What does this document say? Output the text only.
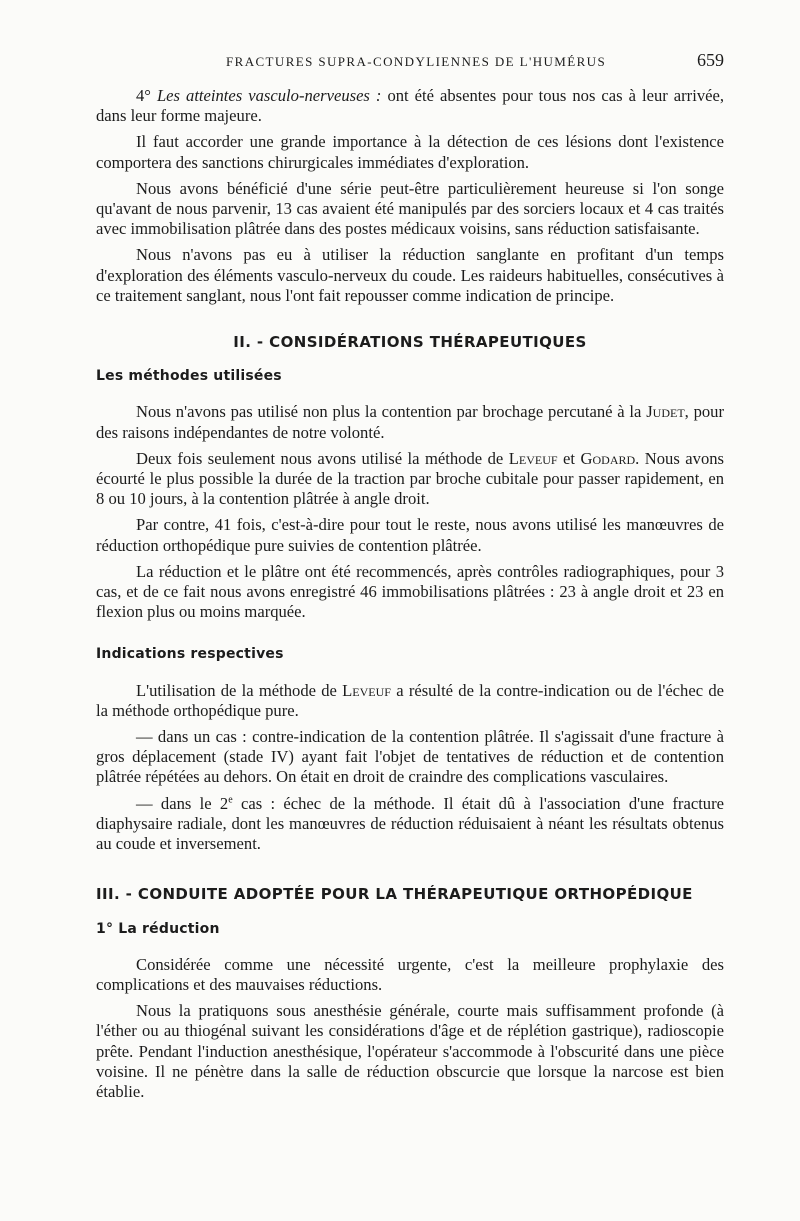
FRACTURES SUPRA-CONDYLIENNES DE L'HUMÉRUS	659

4° Les atteintes vasculo-nerveuses : ont été absentes pour tous nos cas à leur arrivée, dans leur forme majeure.

Il faut accorder une grande importance à la détection de ces lésions dont l'existence comportera des sanctions chirurgicales immédiates d'exploration.

Nous avons bénéficié d'une série peut-être particulièrement heureuse si l'on songe qu'avant de nous parvenir, 13 cas avaient été manipulés par des sorciers locaux et 4 cas traités avec immobilisation plâtrée dans des postes médicaux voisins, sans réduction satisfaisante.

Nous n'avons pas eu à utiliser la réduction sanglante en profitant d'un temps d'exploration des éléments vasculo-nerveux du coude. Les raideurs habituelles, consécutives à ce traitement sanglant, nous l'ont fait repousser comme indication de principe.

II. - CONSIDÉRATIONS THÉRAPEUTIQUES
Les méthodes utilisées

Nous n'avons pas utilisé non plus la contention par brochage percutané à la Judet, pour des raisons indépendantes de notre volonté.

Deux fois seulement nous avons utilisé la méthode de Leveuf et Godard. Nous avons écourté le plus possible la durée de la traction par broche cubitale pour passer rapidement, en 8 ou 10 jours, à la contention plâtrée à angle droit.

Par contre, 41 fois, c'est-à-dire pour tout le reste, nous avons utilisé les manœuvres de réduction orthopédique pure suivies de contention plâtrée.

La réduction et le plâtre ont été recommencés, après contrôles radiographiques, pour 3 cas, et de ce fait nous avons enregistré 46 immobilisations plâtrées : 23 à angle droit et 23 en flexion plus ou moins marquée.

Indications respectives

L'utilisation de la méthode de Leveuf a résulté de la contre-indication ou de l'échec de la méthode orthopédique pure.

— dans un cas : contre-indication de la contention plâtrée. Il s'agissait d'une fracture à gros déplacement (stade IV) ayant fait l'objet de tentatives de réduction et de contention plâtrée répétées au dehors. On était en droit de craindre des complications vasculaires.

— dans le 2e cas : échec de la méthode. Il était dû à l'association d'une fracture diaphysaire radiale, dont les manœuvres de réduction réduisaient à néant les résultats obtenus au coude et inversement.

III. - CONDUITE ADOPTÉE POUR LA THÉRAPEUTIQUE ORTHOPÉDIQUE
1° La réduction

Considérée comme une nécessité urgente, c'est la meilleure prophylaxie des complications et des mauvaises réductions.

Nous la pratiquons sous anesthésie générale, courte mais suffisamment profonde (à l'éther ou au thiogénal suivant les considérations d'âge et de réplétion gastrique), radioscopie prête. Pendant l'induction anesthésique, l'opérateur s'accommode à l'obscurité dans une pièce voisine. Il ne pénètre dans la salle de réduction obscurcie que lorsque la narcose est bien établie.
